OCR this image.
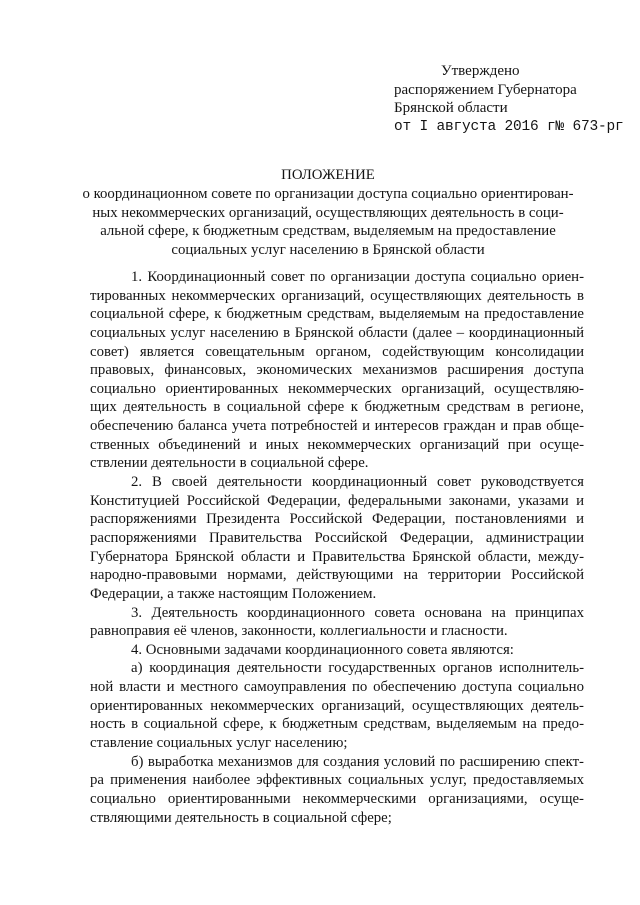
Утверждено
распоряжением Губернатора
Брянской области
от I августа 2016 г№ 673-рг
ПОЛОЖЕНИЕ
о координационном совете по организации доступа социально ориентирован-
ных некоммерческих организаций, осуществляющих деятельность в соци-
альной сфере, к бюджетным средствам, выделяемым на предоставление
социальных услуг населению в Брянской области
1. Координационный совет по организации доступа социально ориен-
тированных некоммерческих организаций, осуществляющих деятельность в
социальной сфере, к бюджетным средствам, выделяемым на предоставление
социальных услуг населению в Брянской области (далее – координационный
совет) является совещательным органом, содействующим консолидации
правовых, финансовых, экономических механизмов расширения доступа
социально ориентированных некоммерческих организаций, осуществляю-
щих деятельность в социальной сфере к бюджетным средствам в регионе,
обеспечению баланса учета потребностей и интересов граждан и прав обще-
ственных объединений и иных некоммерческих организаций при осуще-
ствлении деятельности в социальной сфере.
2. В своей деятельности координационный совет руководствуется
Конституцией Российской Федерации, федеральными законами, указами и
распоряжениями Президента Российской Федерации, постановлениями и
распоряжениями Правительства Российской Федерации, администрации
Губернатора Брянской области и Правительства Брянской области, между-
народно-правовыми нормами, действующими на территории Российской
Федерации, а также настоящим Положением.
3. Деятельность координационного совета основана на принципах
равноправия её членов, законности, коллегиальности и гласности.
4. Основными задачами координационного совета являются:
а) координация деятельности государственных органов исполнитель-
ной власти и местного самоуправления по обеспечению доступа социально
ориентированных некоммерческих организаций, осуществляющих деятель-
ность в социальной сфере, к бюджетным средствам, выделяемым на предо-
ставление социальных услуг населению;
б) выработка механизмов для создания условий по расширению спект-
ра применения наиболее эффективных социальных услуг, предоставляемых
социально ориентированными некоммерческими организациями, осуще-
ствляющими деятельность в социальной сфере;
